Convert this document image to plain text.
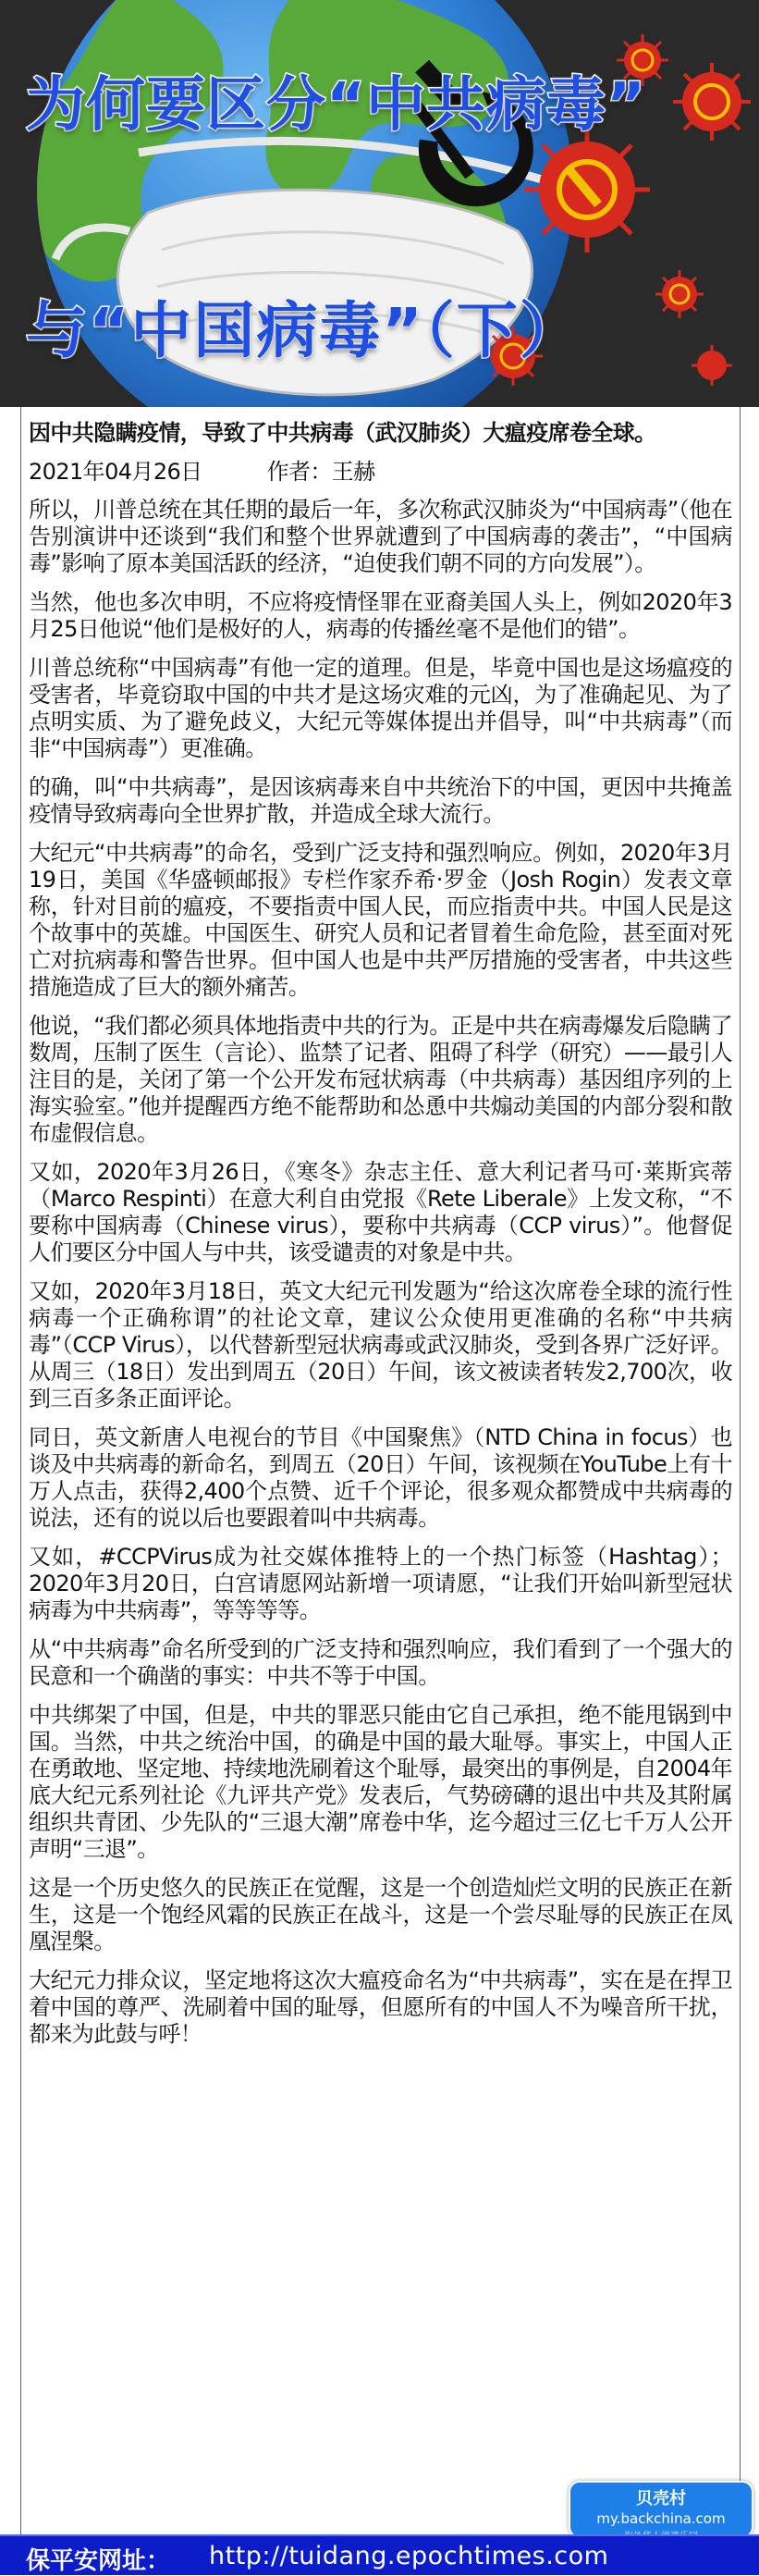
为何要区分“中共病毒”
与“中国病毒”（下）

因中共隐瞒疫情，导致了中共病毒（武汉肺炎）大瘟疫席卷全球。

2021年04月26日	作者：王赫

所以，川普总统在其任期的最后一年，多次称武汉肺炎为“中国病毒”（他在告别演讲中还谈到“我们和整个世界就遭到了中国病毒的袭击”，“中国病毒”影响了原本美国活跃的经济，“迫使我们朝不同的方向发展”）。

当然，他也多次申明，不应将疫情怪罪在亚裔美国人头上，例如2020年3月25日他说“他们是极好的人，病毒的传播丝毫不是他们的错”。

川普总统称“中国病毒”有他一定的道理。但是，毕竟中国也是这场瘟疫的受害者，毕竟窃取中国的中共才是这场灾难的元凶，为了准确起见、为了点明实质、为了避免歧义，大纪元等媒体提出并倡导，叫“中共病毒”（而非“中国病毒”）更准确。

的确，叫“中共病毒”，是因该病毒来自中共统治下的中国，更因中共掩盖疫情导致病毒向全世界扩散，并造成全球大流行。

大纪元“中共病毒”的命名，受到广泛支持和强烈响应。例如，2020年3月19日，美国《华盛顿邮报》专栏作家乔希·罗金（Josh Rogin）发表文章称，针对目前的瘟疫，不要指责中国人民，而应指责中共。中国人民是这个故事中的英雄。中国医生、研究人员和记者冒着生命危险，甚至面对死亡对抗病毒和警告世界。但中国人也是中共严厉措施的受害者，中共这些措施造成了巨大的额外痛苦。

他说，“我们都必须具体地指责中共的行为。正是中共在病毒爆发后隐瞒了数周，压制了医生（言论）、监禁了记者、阻碍了科学（研究）——最引人注目的是，关闭了第一个公开发布冠状病毒（中共病毒）基因组序列的上海实验室。”他并提醒西方绝不能帮助和怂恿中共煽动美国的内部分裂和散布虚假信息。

又如，2020年3月26日，《寒冬》杂志主任、意大利记者马可·莱斯宾蒂（Marco Respinti）在意大利自由党报《Rete Liberale》上发文称，“不要称中国病毒（Chinese virus），要称中共病毒（CCP virus）”。他督促人们要区分中国人与中共，该受谴责的对象是中共。

又如，2020年3月18日，英文大纪元刊发题为“给这次席卷全球的流行性病毒一个正确称谓”的社论文章，建议公众使用更准确的名称“中共病毒”（CCP Virus），以代替新型冠状病毒或武汉肺炎，受到各界广泛好评。从周三（18日）发出到周五（20日）午间，该文被读者转发2,700次，收到三百多条正面评论。

同日，英文新唐人电视台的节目《中国聚焦》（NTD China in focus）也谈及中共病毒的新命名，到周五（20日）午间，该视频在YouTube上有十万人点击，获得2,400个点赞、近千个评论，很多观众都赞成中共病毒的说法，还有的说以后也要跟着叫中共病毒。

又如，#CCPVirus成为社交媒体推特上的一个热门标签（Hashtag）；2020年3月20日，白宫请愿网站新增一项请愿，“让我们开始叫新型冠状病毒为中共病毒”，等等等等。

从“中共病毒”命名所受到的广泛支持和强烈响应，我们看到了一个强大的民意和一个确凿的事实：中共不等于中国。

中共绑架了中国，但是，中共的罪恶只能由它自己承担，绝不能甩锅到中国。当然，中共之统治中国，的确是中国的最大耻辱。事实上，中国人正在勇敢地、坚定地、持续地洗刷着这个耻辱，最突出的事例是，自2004年底大纪元系列社论《九评共产党》发表后，气势磅礴的退出中共及其附属组织共青团、少先队的“三退大潮”席卷中华，迄今超过三亿七千万人公开声明“三退”。

这是一个历史悠久的民族正在觉醒，这是一个创造灿烂文明的民族正在新生，这是一个饱经风霜的民族正在战斗，这是一个尝尽耻辱的民族正在凤凰涅槃。

大纪元力排众议，坚定地将这次大瘟疫命名为“中共病毒”，实在是在捍卫着中国的尊严、洗刷着中国的耻辱，但愿所有的中国人不为噪音所干扰，都来为此鼓与呼！

贝壳村
my.backchina.com
保平安网址： http://tuidang.epochtimes.com
